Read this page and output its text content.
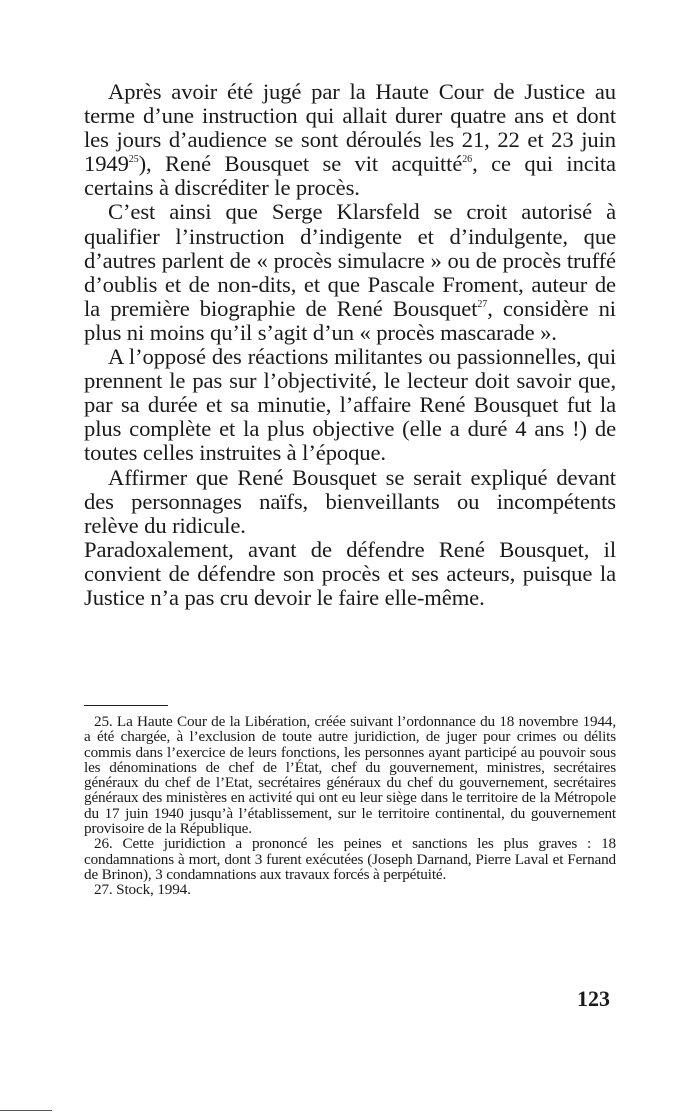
Après avoir été jugé par la Haute Cour de Justice au terme d’une instruction qui allait durer quatre ans et dont les jours d’audience se sont déroulés les 21, 22 et 23 juin 1949$^{25}$), René Bousquet se vit acquitté$^{26}$, ce qui incita certains à discréditer le procès.

C’est ainsi que Serge Klarsfeld se croit autorisé à qualifier l’instruction d’indigente et d’indulgente, que d’autres parlent de « procès simulacre » ou de procès truffé d’oublis et de non-dits, et que Pascale Froment, auteur de la première biographie de René Bousquet$^{27}$, considère ni plus ni moins qu’il s’agit d’un « procès mascarade ».

A l’opposé des réactions militantes ou passionnelles, qui prennent le pas sur l’objectivité, le lecteur doit savoir que, par sa durée et sa minutie, l’affaire René Bousquet fut la plus complète et la plus objective (elle a duré 4 ans !) de toutes celles instruites à l’époque.

Affirmer que René Bousquet se serait expliqué devant des personnages naïfs, bienveillants ou incompétents relève du ridicule.

Paradoxalement, avant de défendre René Bousquet, il convient de défendre son procès et ses acteurs, puisque la Justice n’a pas cru devoir le faire elle-même.

25. La Haute Cour de la Libération, créée suivant l’ordonnance du 18 novembre 1944, a été chargée, à l’exclusion de toute autre juridiction, de juger pour crimes ou délits commis dans l’exercice de leurs fonctions, les personnes ayant participé au pouvoir sous les dénominations de chef de l’État, chef du gouvernement, ministres, secrétaires généraux du chef de l’Etat, secrétaires généraux du chef du gouvernement, secrétaires généraux des ministères en activité qui ont eu leur siège dans le territoire de la Métropole du 17 juin 1940 jusqu’à l’établissement, sur le territoire continental, du gouvernement provisoire de la République.

26. Cette juridiction a prononcé les peines et sanctions les plus graves : 18 condamnations à mort, dont 3 furent exécutées (Joseph Darnand, Pierre Laval et Fernand de Brinon), 3 condamnations aux travaux forcés à perpétuité.

27. Stock, 1994.

123
